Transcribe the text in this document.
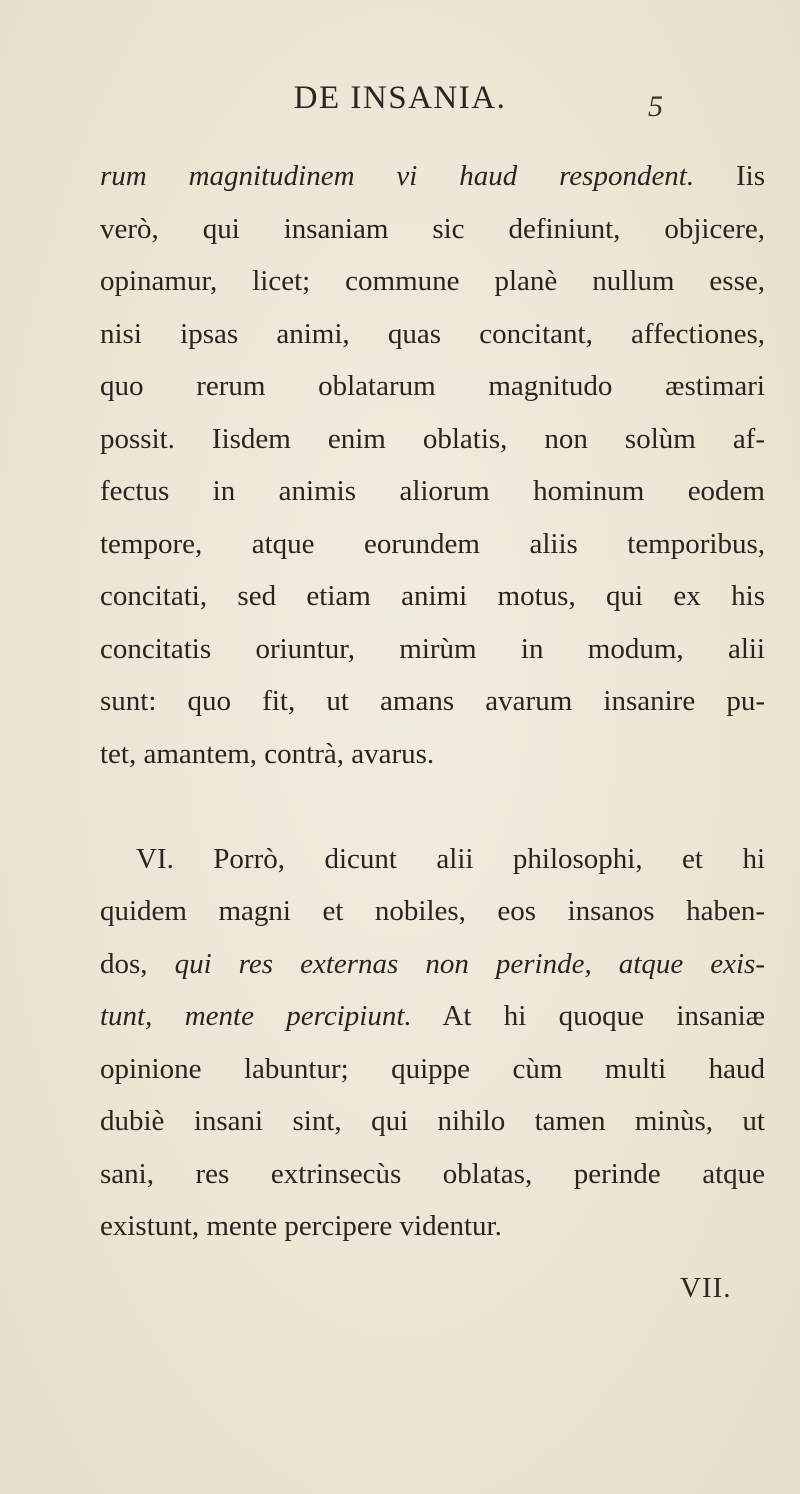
DE INSANIA.	5
rum magnitudinem vi haud respondent. Iis
verò, qui insaniam sic definiunt, objicere,
opinamur, licet; commune planè nullum esse,
nisi ipsas animi, quas concitant, affectiones,
quo rerum oblatarum magnitudo æstimari
possit. Iisdem enim oblatis, non solùm af-
fectus in animis aliorum hominum eodem
tempore, atque eorundem aliis temporibus,
concitati, sed etiam animi motus, qui ex his
concitatis oriuntur, mirùm in modum, alii
sunt: quo fit, ut amans avarum insanire pu-
tet, amantem, contrà, avarus.
VI. Porrò, dicunt alii philosophi, et hi
quidem magni et nobiles, eos insanos haben-
dos, qui res externas non perinde, atque exis-
tunt, mente percipiunt. At hi quoque insaniæ
opinione labuntur; quippe cùm multi haud
dubiè insani sint, qui nihilo tamen minùs, ut
sani, res extrinsecùs oblatas, perinde atque
existunt, mente percipere videntur.
VII.
